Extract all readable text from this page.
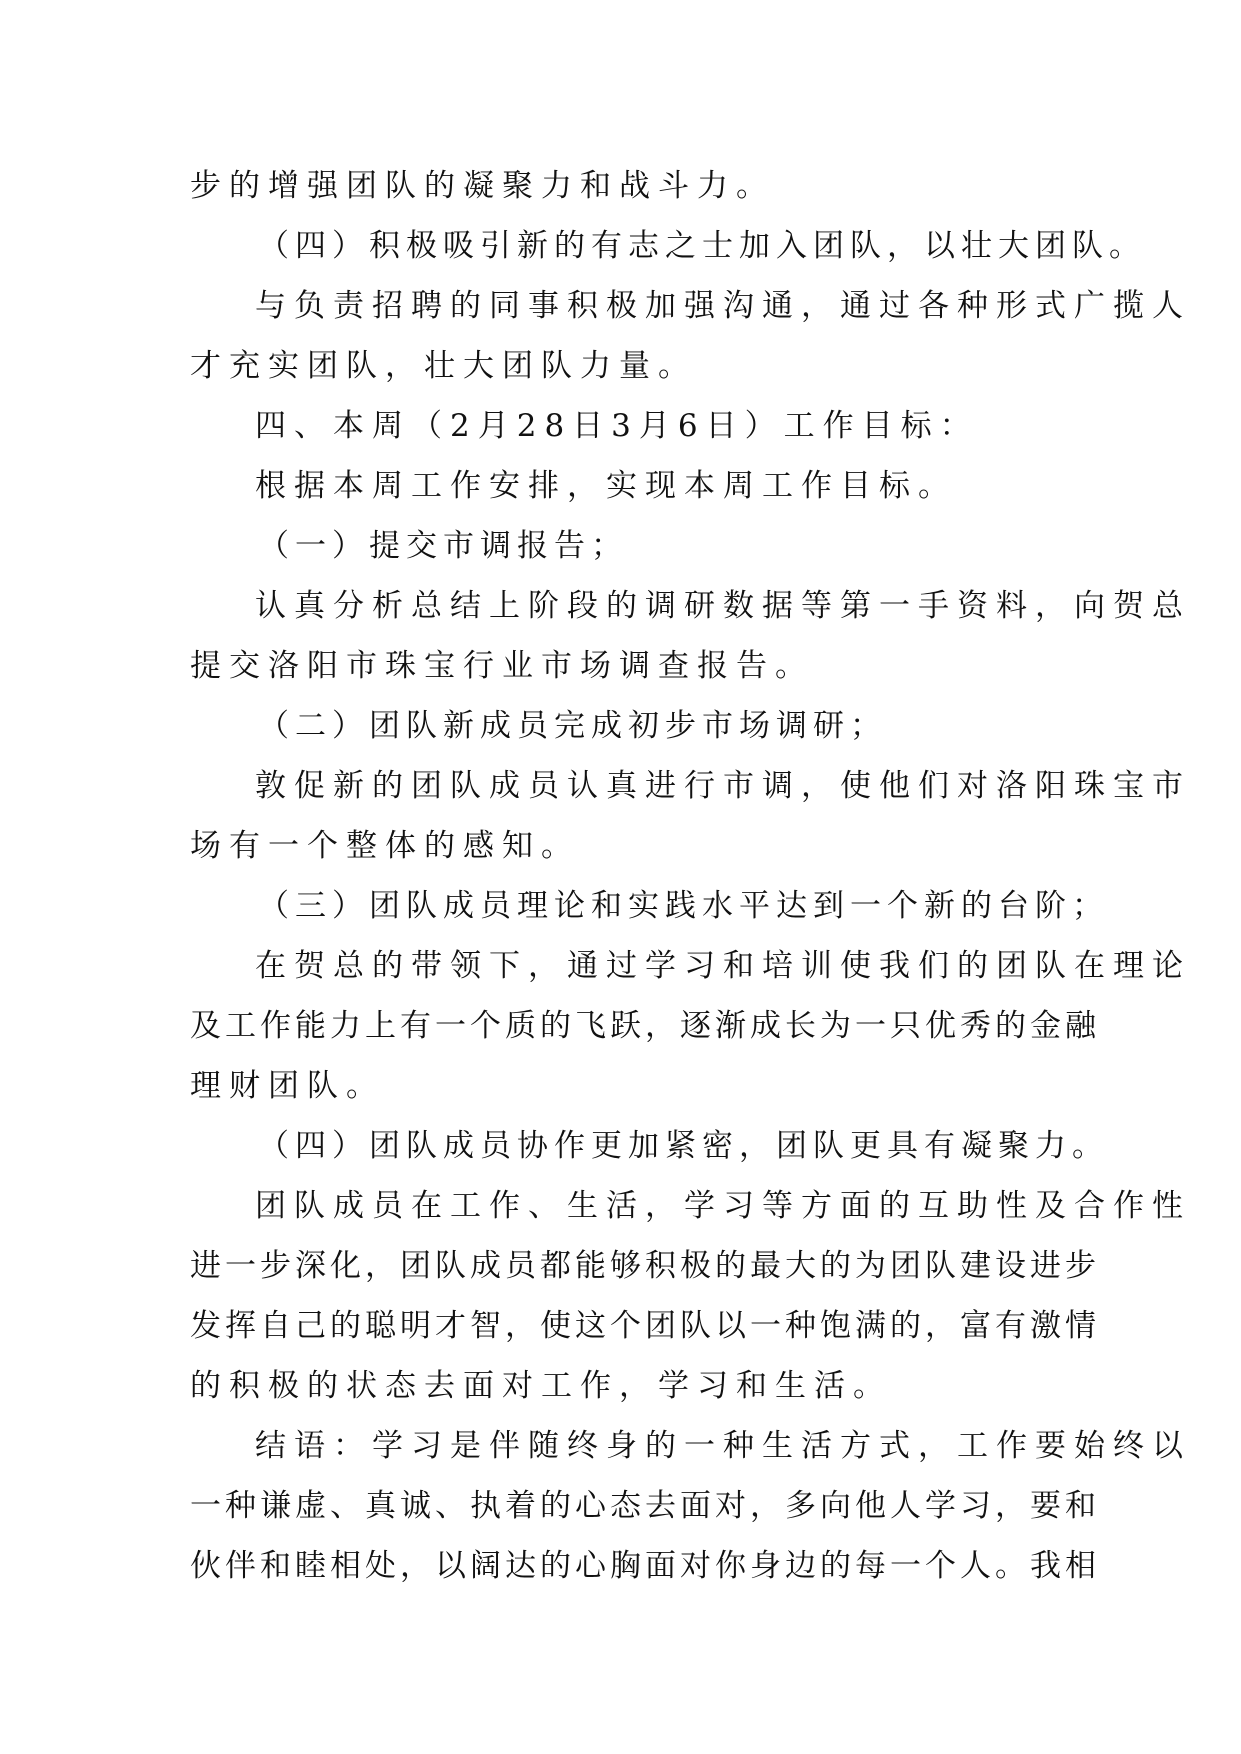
步的增强团队的凝聚力和战斗力。
（四）积极吸引新的有志之士加入团队，以壮大团队。
与负责招聘的同事积极加强沟通，通过各种形式广揽人
才充实团队，壮大团队力量。
四、本周（2月28日3月6日）工作目标：
根据本周工作安排，实现本周工作目标。
（一）提交市调报告；
认真分析总结上阶段的调研数据等第一手资料，向贺总
提交洛阳市珠宝行业市场调查报告。
（二）团队新成员完成初步市场调研；
敦促新的团队成员认真进行市调，使他们对洛阳珠宝市
场有一个整体的感知。
（三）团队成员理论和实践水平达到一个新的台阶；
在贺总的带领下，通过学习和培训使我们的团队在理论
及工作能力上有一个质的飞跃，逐渐成长为一只优秀的金融
理财团队。
（四）团队成员协作更加紧密，团队更具有凝聚力。
团队成员在工作、生活，学习等方面的互助性及合作性
进一步深化，团队成员都能够积极的最大的为团队建设进步
发挥自己的聪明才智，使这个团队以一种饱满的，富有激情
的积极的状态去面对工作，学习和生活。
结语：学习是伴随终身的一种生活方式，工作要始终以
一种谦虚、真诚、执着的心态去面对，多向他人学习，要和
伙伴和睦相处，以阔达的心胸面对你身边的每一个人。我相
